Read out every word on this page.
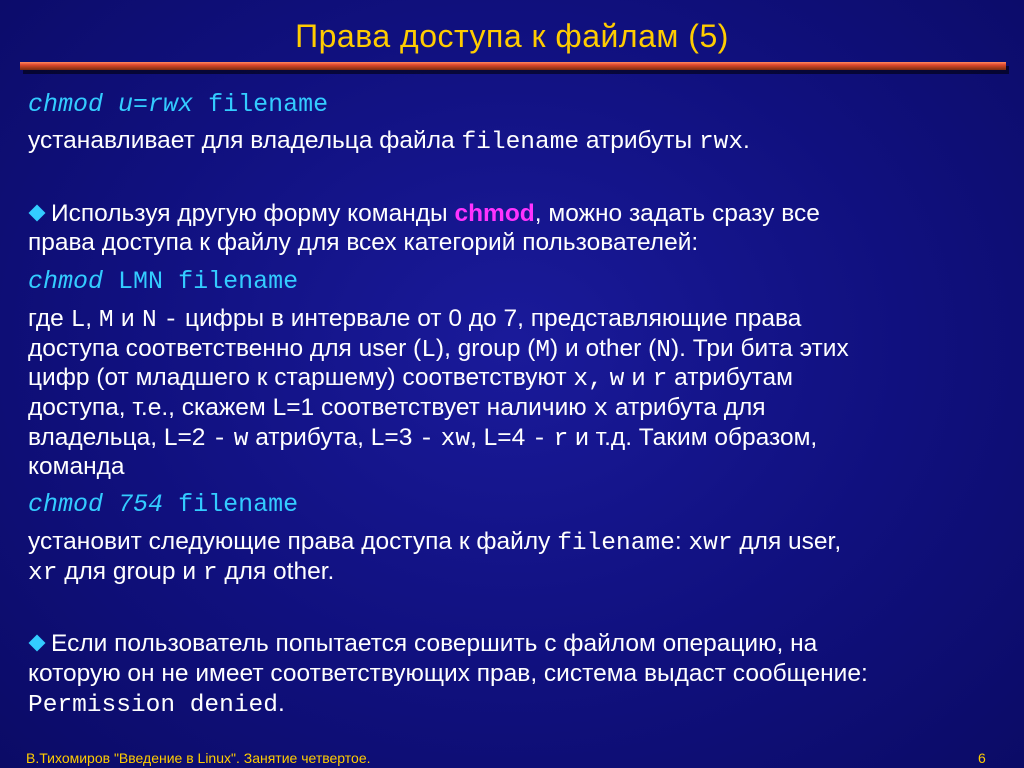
Права доступа к файлам (5)
chmod u=rwx filename
устанавливает для владельца файла filename атрибуты rwx.
Используя другую форму команды chmod, можно задать сразу все
права доступа к файлу для всех категорий пользователей:
chmod LMN filename
где L, M и N - цифры в интервале от 0 до 7, представляющие права
доступа соответственно для user (L), group (M) и other (N). Три бита этих
цифр (от младшего к старшему) соответствуют x, w и r атрибутам
доступа, т.е., скажем L=1 соответствует наличию x атрибута для
владельца, L=2 - w атрибута, L=3 - xw, L=4 - r и т.д. Таким образом,
команда
chmod 754 filename
установит следующие права доступа к файлу filename: xwr для user,
xr для group и r для other.
Если пользователь попытается совершить с файлом операцию, на
которую он не имеет соответствующих прав, система выдаст сообщение:
Permission denied.
В.Тихомиров "Введение в Linux". Занятие четвертое.	6
